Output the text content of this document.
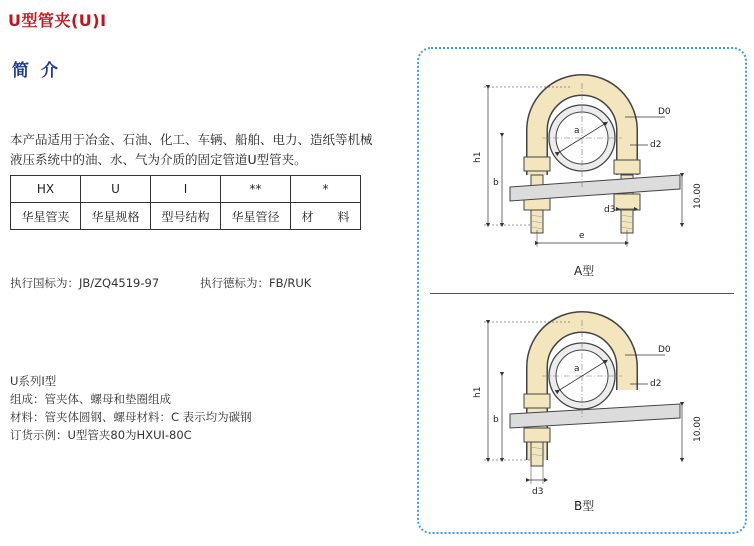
U型管夹(U)Ⅰ
简介
本产品适用于冶金、石油、化工、车辆、船舶、电力、造纸等机械液压系统中的油、水、气为介质的固定管道U型管夹。
HX	U	Ⅰ	**	*
华星管夹	华星规格	型号结构	华星管径	材　　料
执行国标为：JB/ZQ4519-97	执行德标为：FB/RUK
U系列Ⅰ型
组成：管夹体、螺母和垫圈组成
材料：管夹体圆钢、螺母材料：C 表示均为碳钢
订货示例：U型管夹80为HXUⅠ-80C
a
D0
d2
h1
b
10.00
d3
e
A型
a
D0
d2
h1
b	10.00
d3
B型
